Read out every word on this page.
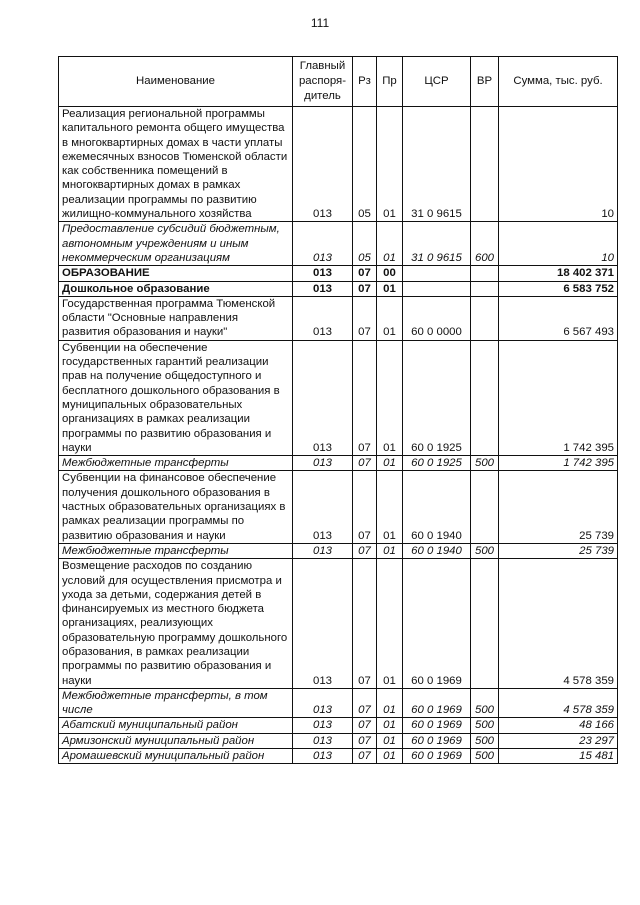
111
Наименование	Главный распоря-дитель	Рз	Пр	ЦСР	ВР	Сумма, тыс. руб.
Реализация региональной программы капитального ремонта общего имущества в многоквартирных домах в части уплаты ежемесячных взносов Тюменской области как собственника помещений в многоквартирных домах в рамках реализации программы по развитию жилищно-коммунального хозяйства	013	05	01	31 0 9615		10
Предоставление субсидий бюджетным, автономным учреждениям и иным некоммерческим организациям	013	05	01	31 0 9615	600	10
ОБРАЗОВАНИЕ	013	07	00			18 402 371
Дошкольное образование	013	07	01			6 583 752
Государственная программа Тюменской области "Основные направления развития образования и науки"	013	07	01	60 0 0000		6 567 493
Субвенции на обеспечение государственных гарантий реализации прав на получение общедоступного и бесплатного дошкольного образования в муниципальных образовательных организациях в рамках реализации программы по развитию образования и науки	013	07	01	60 0 1925		1 742 395
Межбюджетные трансферты	013	07	01	60 0 1925	500	1 742 395
Субвенции на финансовое обеспечение получения дошкольного образования в частных образовательных организациях в рамках реализации программы по развитию образования и науки	013	07	01	60 0 1940		25 739
Межбюджетные трансферты	013	07	01	60 0 1940	500	25 739
Возмещение расходов по созданию условий для осуществления присмотра и ухода за детьми, содержания детей в финансируемых из местного бюджета организациях, реализующих образовательную программу дошкольного образования, в рамках реализации программы по развитию образования и науки	013	07	01	60 0 1969		4 578 359
Межбюджетные трансферты, в том числе	013	07	01	60 0 1969	500	4 578 359
Абатский муниципальный район	013	07	01	60 0 1969	500	48 166
Армизонский муниципальный район	013	07	01	60 0 1969	500	23 297
Аромашевский муниципальный район	013	07	01	60 0 1969	500	15 481
